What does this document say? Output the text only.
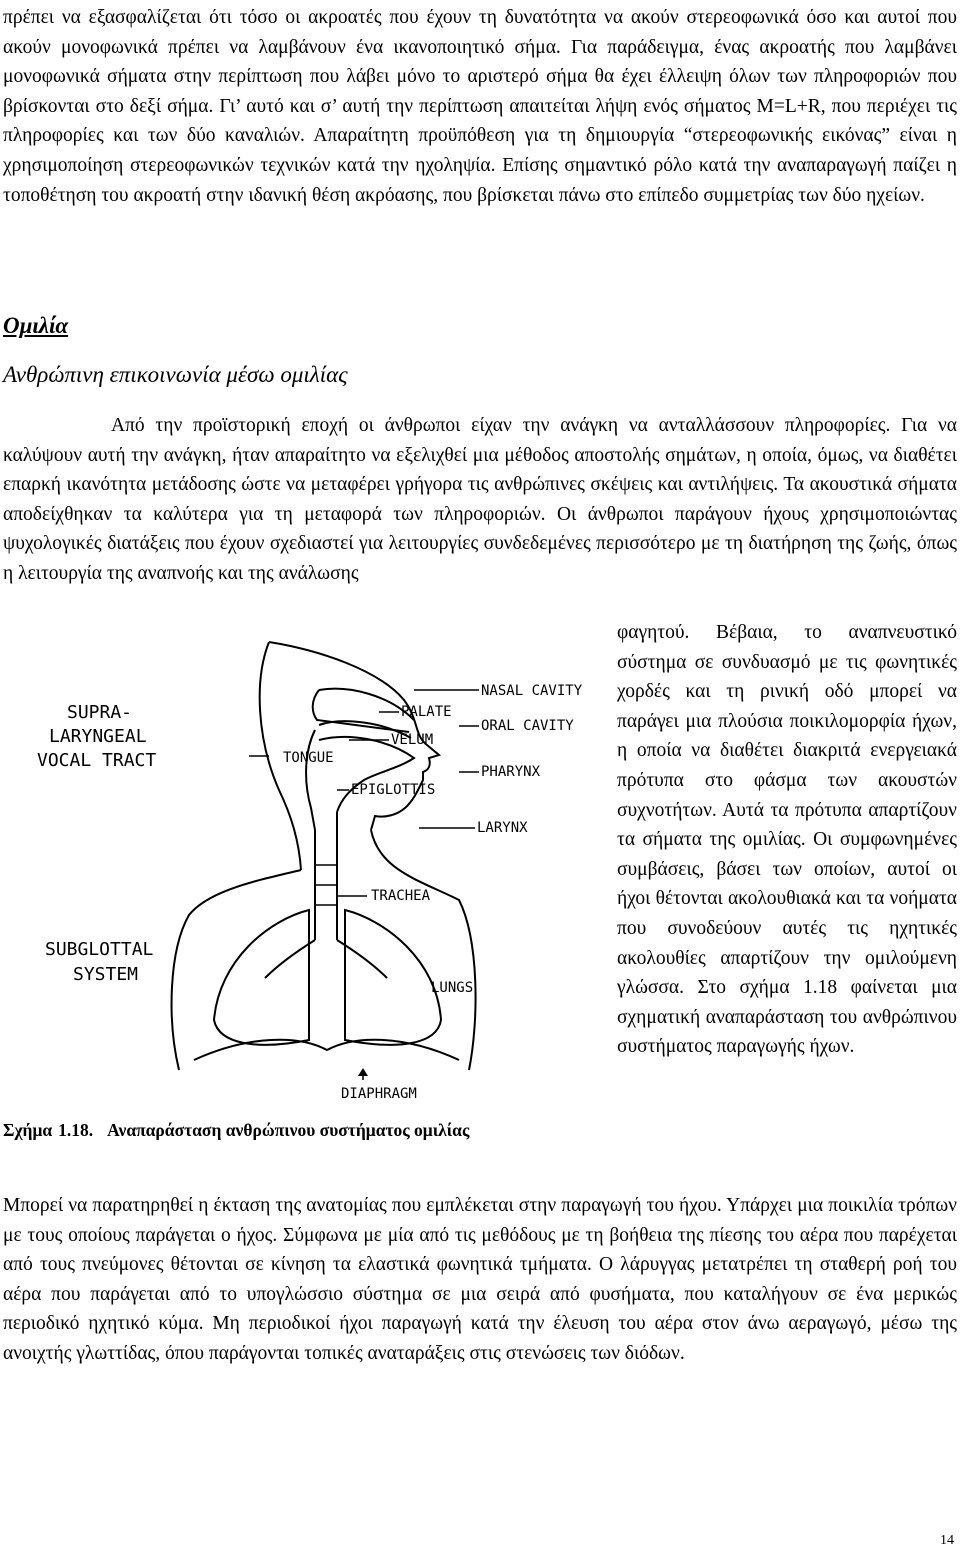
πρέπει να εξασφαλίζεται ότι τόσο οι ακροατές που έχουν τη δυνατότητα να ακούν στερεοφωνικά όσο και αυτοί που ακούν μονοφωνικά πρέπει να λαμβάνουν ένα ικανοποιητικό σήμα. Για παράδειγμα, ένας ακροατής που λαμβάνει μονοφωνικά σήματα στην περίπτωση που λάβει μόνο το αριστερό σήμα θα έχει έλλειψη όλων των πληροφοριών που βρίσκονται στο δεξί σήμα. Γι’ αυτό και σ’ αυτή την περίπτωση απαιτείται λήψη ενός σήματος Μ=L+R, που περιέχει τις πληροφορίες και των δύο καναλιών. Απαραίτητη προϋπόθεση για τη δημιουργία “στερεοφωνικής εικόνας” είναι η χρησιμοποίηση στερεοφωνικών τεχνικών κατά την ηχοληψία. Επίσης σημαντικό ρόλο κατά την αναπαραγωγή παίζει η τοποθέτηση του ακροατή στην ιδανική θέση ακρόασης, που βρίσκεται πάνω στο επίπεδο συμμετρίας των δύο ηχείων.

Ομιλία
Ανθρώπινη επικοινωνία μέσω ομιλίας

Από την προϊστορική εποχή οι άνθρωποι είχαν την ανάγκη να ανταλλάσσουν πληροφορίες. Για να καλύψουν αυτή την ανάγκη, ήταν απαραίτητο να εξελιχθεί μια μέθοδος αποστολής σημάτων, η οποία, όμως, να διαθέτει επαρκή ικανότητα μετάδοσης ώστε να μεταφέρει γρήγορα τις ανθρώπινες σκέψεις και αντιλήψεις. Τα ακουστικά σήματα αποδείχθηκαν τα καλύτερα για τη μεταφορά των πληροφοριών. Οι άνθρωποι παράγουν ήχους χρησιμοποιώντας ψυχολογικές διατάξεις που έχουν σχεδιαστεί για λειτουργίες συνδεδεμένες περισσότερο με τη διατήρηση της ζωής, όπως η λειτουργία της αναπνοής και της ανάλωσης

φαγητού. Βέβαια, το αναπνευστικό σύστημα σε συνδυασμό με τις φωνητικές χορδές και τη ρινική οδό μπορεί να παράγει μια πλούσια ποικιλομορφία ήχων, η οποία να διαθέτει διακριτά ενεργειακά πρότυπα στο φάσμα των ακουστών συχνοτήτων. Αυτά τα πρότυπα απαρτίζουν τα σήματα της ομιλίας. Οι συμφωνημένες συμβάσεις, βάσει των οποίων, αυτοί οι ήχοι θέτονται ακολουθιακά και τα νοήματα που συνοδεύουν αυτές τις ηχητικές ακολουθίες απαρτίζουν την ομιλούμενη γλώσσα. Στο σχήμα 1.18 φαίνεται μια σχηματική αναπαράσταση του ανθρώπινου συστήματος παραγωγής ήχων.

SUPRA-
LARYNGEAL
VOCAL TRACT
SUBGLOTTAL
SYSTEM
NASAL CAVITY
PALATE
ORAL CAVITY
VELUM
TONGUE
PHARYNX
EPIGLOTTIS
LARYNX
TRACHEA
LUNGS
DIAPHRAGM
Σχήμα 1.18. Αναπαράσταση ανθρώπινου συστήματος ομιλίας

Μπορεί να παρατηρηθεί η έκταση της ανατομίας που εμπλέκεται στην παραγωγή του ήχου. Υπάρχει μια ποικιλία τρόπων με τους οποίους παράγεται ο ήχος. Σύμφωνα με μία από τις μεθόδους με τη βοήθεια της πίεσης του αέρα που παρέχεται από τους πνεύμονες θέτονται σε κίνηση τα ελαστικά φωνητικά τμήματα. Ο λάρυγγας μετατρέπει τη σταθερή ροή του αέρα που παράγεται από το υπογλώσσιο σύστημα σε μια σειρά από φυσήματα, που καταλήγουν σε ένα μερικώς περιοδικό ηχητικό κύμα. Μη περιοδικοί ήχοι παραγωγή κατά την έλευση του αέρα στον άνω αεραγωγό, μέσω της ανοιχτής γλωττίδας, όπου παράγονται τοπικές αναταράξεις στις στενώσεις των διόδων.

14
